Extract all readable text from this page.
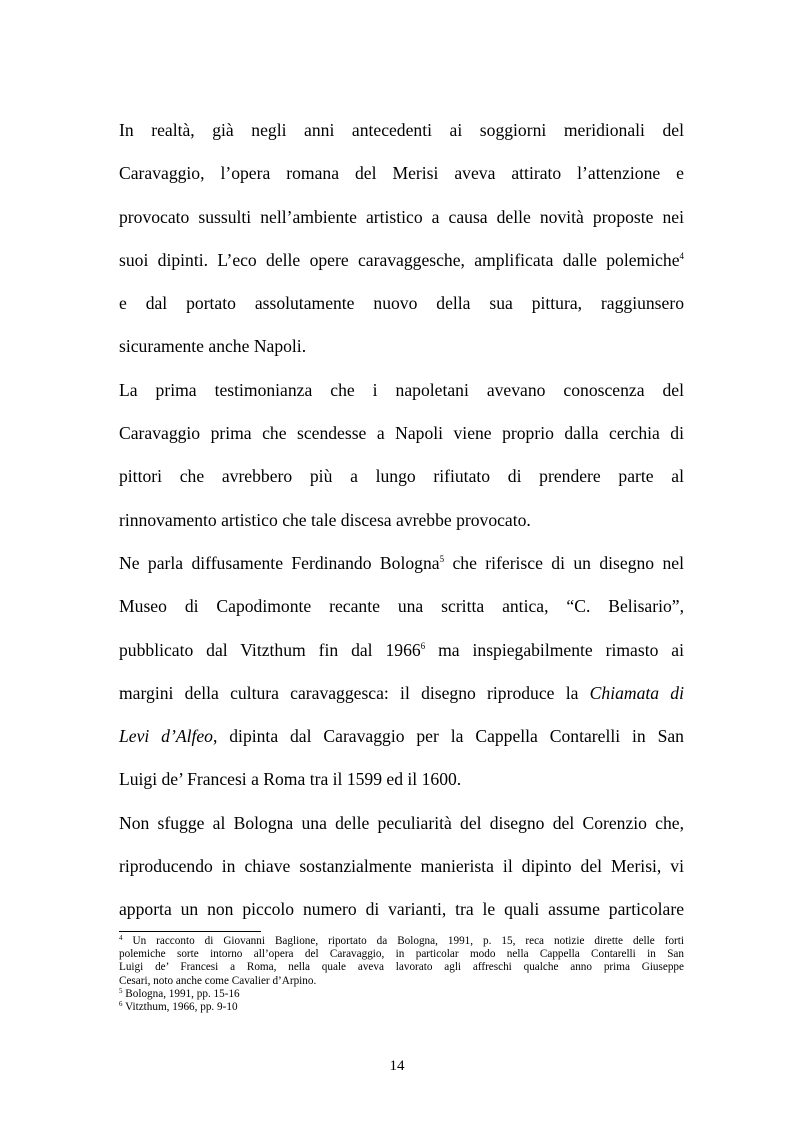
In realtà, già negli anni antecedenti ai soggiorni meridionali del
Caravaggio, l’opera romana del Merisi aveva attirato l’attenzione e
provocato sussulti nell’ambiente artistico a causa delle novità proposte nei
suoi dipinti. L’eco delle opere caravaggesche, amplificata dalle polemiche$^4$
e dal portato assolutamente nuovo della sua pittura, raggiunsero
sicuramente anche Napoli.
La prima testimonianza che i napoletani avevano conoscenza del
Caravaggio prima che scendesse a Napoli viene proprio dalla cerchia di
pittori che avrebbero più a lungo rifiutato di prendere parte al
rinnovamento artistico che tale discesa avrebbe provocato.
Ne parla diffusamente Ferdinando Bologna$^5$ che riferisce di un disegno nel
Museo di Capodimonte recante una scritta antica, “C. Belisario”,
pubblicato dal Vitzthum fin dal 1966$^6$ ma inspiegabilmente rimasto ai
margini della cultura caravaggesca: il disegno riproduce la Chiamata di
Levi d’Alfeo, dipinta dal Caravaggio per la Cappella Contarelli in San
Luigi de’ Francesi a Roma tra il 1599 ed il 1600.
Non sfugge al Bologna una delle peculiarità del disegno del Corenzio che,
riproducendo in chiave sostanzialmente manierista il dipinto del Merisi, vi
apporta un non piccolo numero di varianti, tra le quali assume particolare
$^4$ Un racconto di Giovanni Baglione, riportato da Bologna, 1991, p. 15, reca notizie dirette delle forti
polemiche sorte intorno all’opera del Caravaggio, in particolar modo nella Cappella Contarelli in San
Luigi de’ Francesi a Roma, nella quale aveva lavorato agli affreschi qualche anno prima Giuseppe
Cesari, noto anche come Cavalier d’Arpino.
$^5$ Bologna, 1991, pp. 15-16
$^6$ Vitzthum, 1966, pp. 9-10
14
